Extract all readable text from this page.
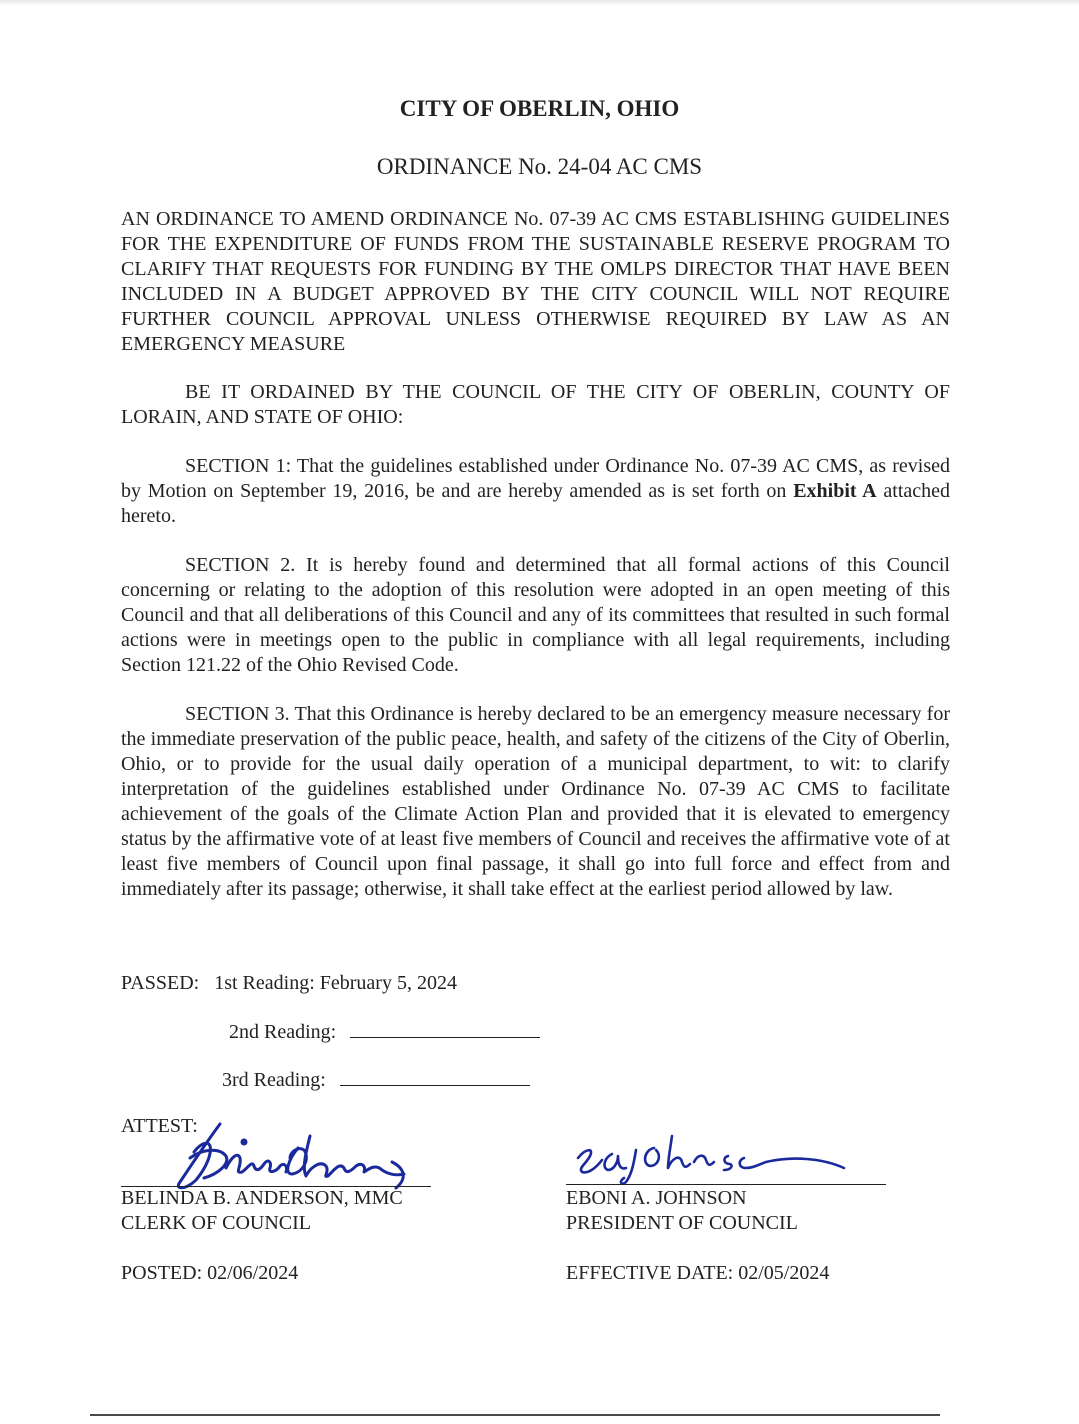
CITY OF OBERLIN, OHIO
ORDINANCE No. 24-04 AC CMS

AN ORDINANCE TO AMEND ORDINANCE No. 07-39 AC CMS ESTABLISHING GUIDELINES FOR THE EXPENDITURE OF FUNDS FROM THE SUSTAINABLE RESERVE PROGRAM TO CLARIFY THAT REQUESTS FOR FUNDING BY THE OMLPS DIRECTOR THAT HAVE BEEN INCLUDED IN A BUDGET APPROVED BY THE CITY COUNCIL WILL NOT REQUIRE FURTHER COUNCIL APPROVAL UNLESS OTHERWISE REQUIRED BY LAW AS AN EMERGENCY MEASURE

BE IT ORDAINED BY THE COUNCIL OF THE CITY OF OBERLIN, COUNTY OF LORAIN, AND STATE OF OHIO:

SECTION 1: That the guidelines established under Ordinance No. 07-39 AC CMS, as revised by Motion on September 19, 2016, be and are hereby amended as is set forth on Exhibit A attached hereto.

SECTION 2. It is hereby found and determined that all formal actions of this Council concerning or relating to the adoption of this resolution were adopted in an open meeting of this Council and that all deliberations of this Council and any of its committees that resulted in such formal actions were in meetings open to the public in compliance with all legal requirements, including Section 121.22 of the Ohio Revised Code.

SECTION 3. That this Ordinance is hereby declared to be an emergency measure necessary for the immediate preservation of the public peace, health, and safety of the citizens of the City of Oberlin, Ohio, or to provide for the usual daily operation of a municipal department, to wit: to clarify interpretation of the guidelines established under Ordinance No. 07-39 AC CMS to facilitate achievement of the goals of the Climate Action Plan and provided that it is elevated to emergency status by the affirmative vote of at least five members of Council and receives the affirmative vote of at least five members of Council upon final passage, it shall go into full force and effect from and immediately after its passage; otherwise, it shall take effect at the earliest period allowed by law.

PASSED: 1st Reading: February 5, 2024
2nd Reading:
3rd Reading:
ATTEST:
BELINDA B. ANDERSON, MMC
CLERK OF COUNCIL
EBONI A. JOHNSON
PRESIDENT OF COUNCIL
POSTED: 02/06/2024	EFFECTIVE DATE: 02/05/2024
